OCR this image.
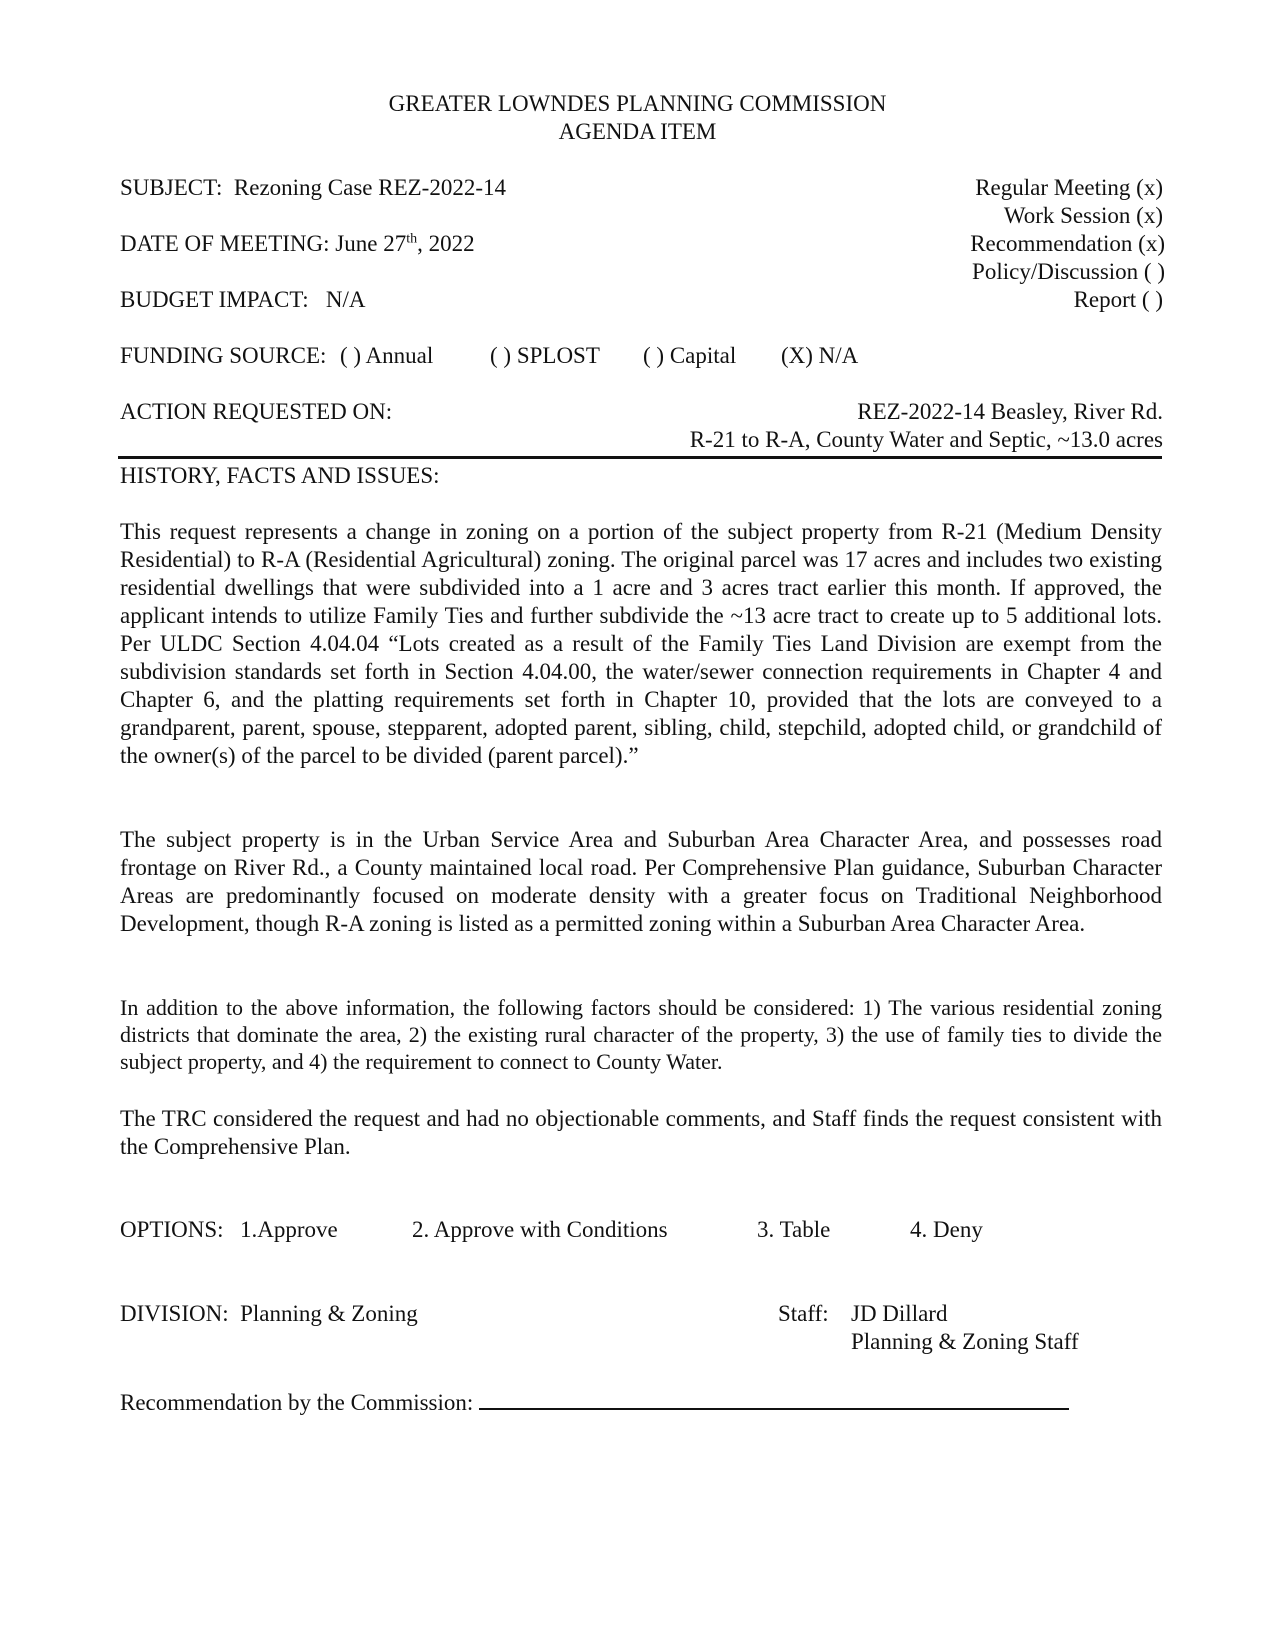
GREATER LOWNDES PLANNING COMMISSION
AGENDA ITEM
SUBJECT: Rezoning Case REZ-2022-14
DATE OF MEETING: June 27th, 2022
BUDGET IMPACT: N/A
Regular Meeting (x)
Work Session (x)
Recommendation (x)
Policy/Discussion ( )
Report ( )
FUNDING SOURCE: ( ) Annual ( ) SPLOST ( ) Capital (X) N/A
ACTION REQUESTED ON:	REZ-2022-14 Beasley, River Rd.
R-21 to R-A, County Water and Septic, ~13.0 acres
HISTORY, FACTS AND ISSUES:
This request represents a change in zoning on a portion of the subject property from R-21 (Medium Density Residential) to R-A (Residential Agricultural) zoning. The original parcel was 17 acres and includes two existing residential dwellings that were subdivided into a 1 acre and 3 acres tract earlier this month. If approved, the applicant intends to utilize Family Ties and further subdivide the ~13 acre tract to create up to 5 additional lots. Per ULDC Section 4.04.04 “Lots created as a result of the Family Ties Land Division are exempt from the subdivision standards set forth in Section 4.04.00, the water/sewer connection requirements in Chapter 4 and Chapter 6, and the platting requirements set forth in Chapter 10, provided that the lots are conveyed to a grandparent, parent, spouse, stepparent, adopted parent, sibling, child, stepchild, adopted child, or grandchild of the owner(s) of the parcel to be divided (parent parcel).”
The subject property is in the Urban Service Area and Suburban Area Character Area, and possesses road frontage on River Rd., a County maintained local road. Per Comprehensive Plan guidance, Suburban Character Areas are predominantly focused on moderate density with a greater focus on Traditional Neighborhood Development, though R-A zoning is listed as a permitted zoning within a Suburban Area Character Area.
In addition to the above information, the following factors should be considered: 1) The various residential zoning districts that dominate the area, 2) the existing rural character of the property, 3) the use of family ties to divide the subject property, and 4) the requirement to connect to County Water.
The TRC considered the request and had no objectionable comments, and Staff finds the request consistent with the Comprehensive Plan.
OPTIONS: 1.Approve	2. Approve with Conditions	3. Table	4. Deny
DIVISION: Planning & Zoning	Staff: JD Dillard
Planning & Zoning Staff
Recommendation by the Commission:
